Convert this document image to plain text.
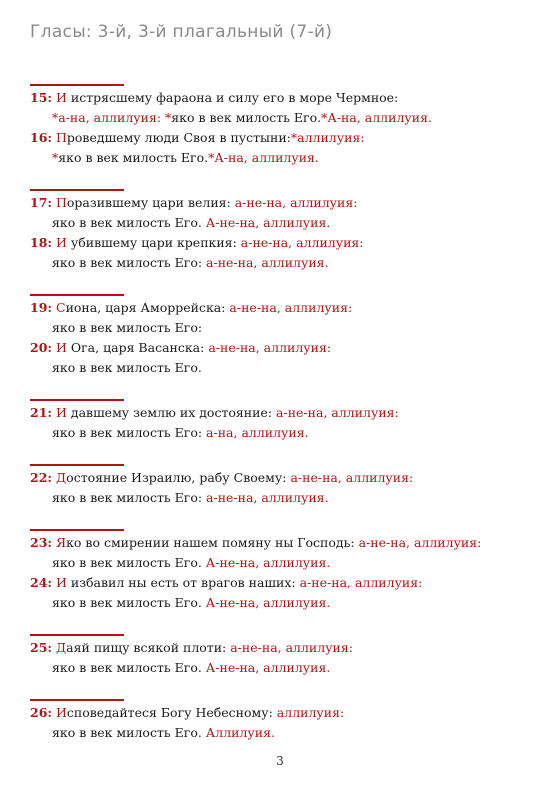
Гласы: 3-й, 3-й плагальный (7-й)
15: И истрясшему фараона и силу его в море Чермное:
*а-на, аллилуия: *яко в век милость Его.*А-на, аллилуия.
16: Проведшему люди Своя в пустыни:*аллилуия:
*яко в век милость Его.*А-на, аллилуия.
17: Поразившему цари велия: а-не-на, аллилуия:
яко в век милость Его. А-не-на, аллилуия.
18: И убившему цари крепкия: а-не-на, аллилуия:
яко в век милость Его: а-не-на, аллилуия.
19: Сиона, царя Аморрейска: а-не-на, аллилуия:
яко в век милость Его:
20: И Ога, царя Васанска: а-не-на, аллилуия:
яко в век милость Его.
21: И давшему землю их достояние: а-не-на, аллилуия:
яко в век милость Его: а-на, аллилуия.
22: Достояние Израилю, рабу Своему: а-не-на, аллилуия:
яко в век милость Его: а-не-на, аллилуия.
23: Яко во смирении нашем помяну ны Господь: а-не-на, аллилуия:
яко в век милость Его. А-не-на, аллилуия.
24: И избавил ны есть от врагов наших: а-не-на, аллилуия:
яко в век милость Его. А-не-на, аллилуия.
25: Даяй пищу всякой плоти: а-не-на, аллилуия:
яко в век милость Его. А-не-на, аллилуия.
26: Исповедайтеся Богу Небесному: аллилуия:
яко в век милость Его. Аллилуия.
3
